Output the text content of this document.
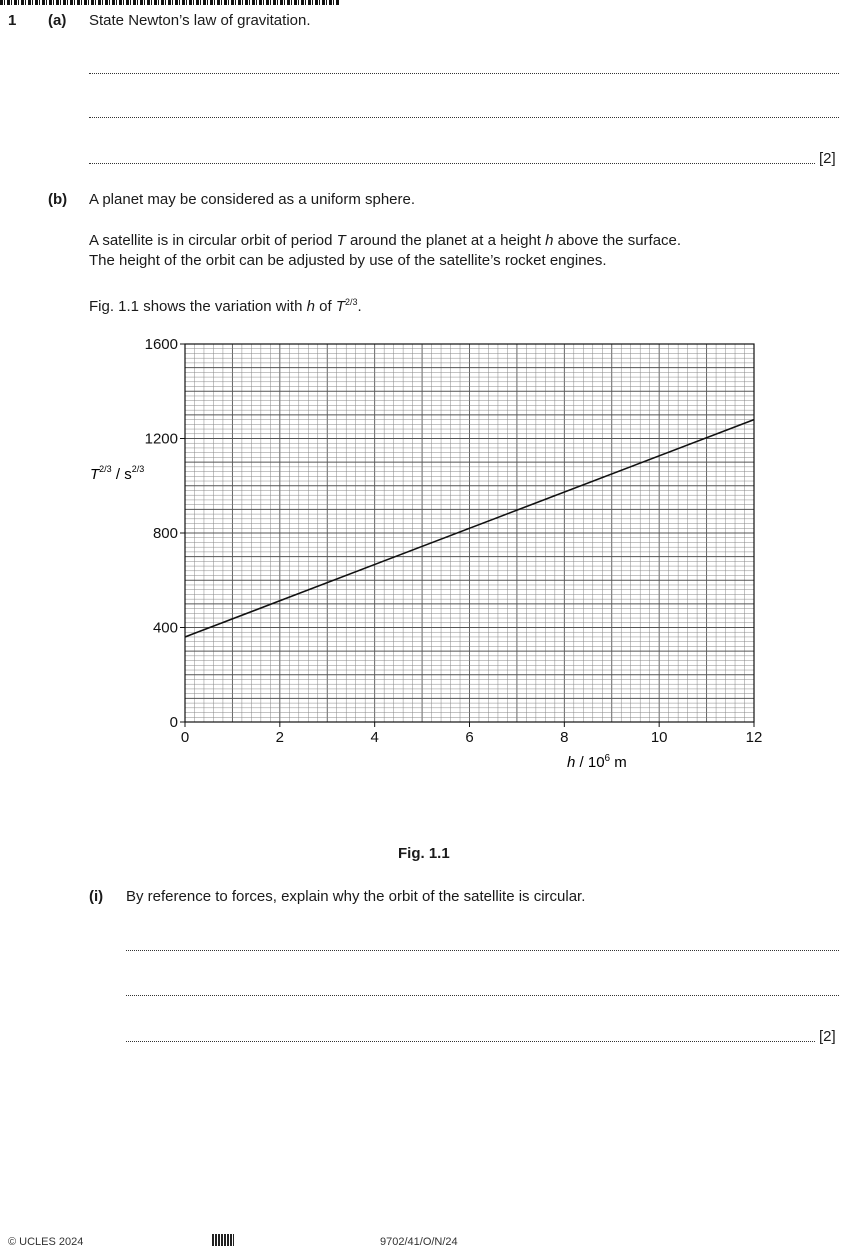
1 (a) State Newton’s law of gravitation.
[2]
(b) A planet may be considered as a uniform sphere.
A satellite is in circular orbit of period T around the planet at a height h above the surface.
The height of the orbit can be adjusted by use of the satellite’s rocket engines.
Fig. 1.1 shows the variation with h of $T^{2/3}$.
0	2	4	6	8	10	12
0
400
800
1200
1600
$T^{2/3} / s^{2/3}$
h / $10^6$ m
Fig. 1.1
(i) By reference to forces, explain why the orbit of the satellite is circular.
[2]
© UCLES 2024	9702/41/O/N/24
